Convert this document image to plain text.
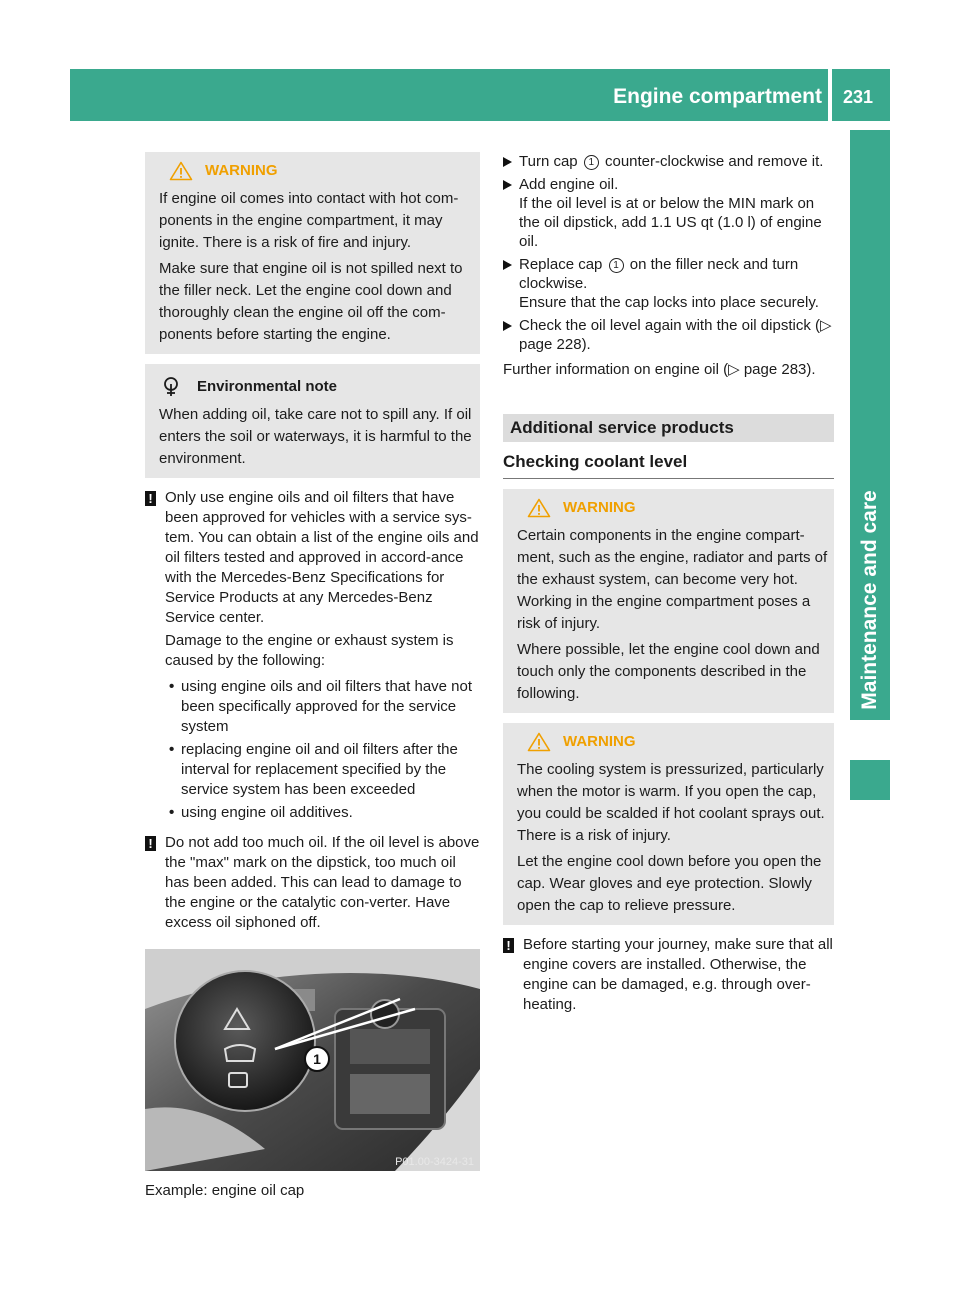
Engine compartment 231
Maintenance and care
WARNING

If engine oil comes into contact with hot com-ponents in the engine compartment, it may ignite. There is a risk of fire and injury.

Make sure that engine oil is not spilled next to the filler neck. Let the engine cool down and thoroughly clean the engine oil off the com-ponents before starting the engine.

Environmental note

When adding oil, take care not to spill any. If oil enters the soil or waterways, it is harmful to the environment.

! Only use engine oils and oil filters that have been approved for vehicles with a service sys-tem. You can obtain a list of the engine oils and oil filters tested and approved in accord-ance with the Mercedes-Benz Specifications for Service Products at any Mercedes-Benz Service center.

Damage to the engine or exhaust system is caused by the following:

• using engine oils and oil filters that have not been specifically approved for the service system
• replacing engine oil and oil filters after the interval for replacement specified by the service system has been exceeded
• using engine oil additives.
! Do not add too much oil. If the oil level is above the "max" mark on the dipstick, too much oil has been added. This can lead to damage to the engine or the catalytic con-verter. Have excess oil siphoned off.

1
P01.00-3424-31
Example: engine oil cap
Turn cap 1 counter-clockwise and remove it.
Add engine oil.
If the oil level is at or below the MIN mark on the oil dipstick, add 1.1 US qt (1.0 l) of engine oil.
Replace cap 1 on the filler neck and turn clockwise.
Ensure that the cap locks into place securely.
Check the oil level again with the oil dipstick (▷ page 228).

Further information on engine oil (▷ page 283).

Additional service products
Checking coolant level
WARNING

Certain components in the engine compart-ment, such as the engine, radiator and parts of the exhaust system, can become very hot. Working in the engine compartment poses a risk of injury.

Where possible, let the engine cool down and touch only the components described in the following.

WARNING

The cooling system is pressurized, particularly when the motor is warm. If you open the cap, you could be scalded if hot coolant sprays out. There is a risk of injury.

Let the engine cool down before you open the cap. Wear gloves and eye protection. Slowly open the cap to relieve pressure.

! Before starting your journey, make sure that all engine covers are installed. Otherwise, the engine can be damaged, e.g. through over-heating.
